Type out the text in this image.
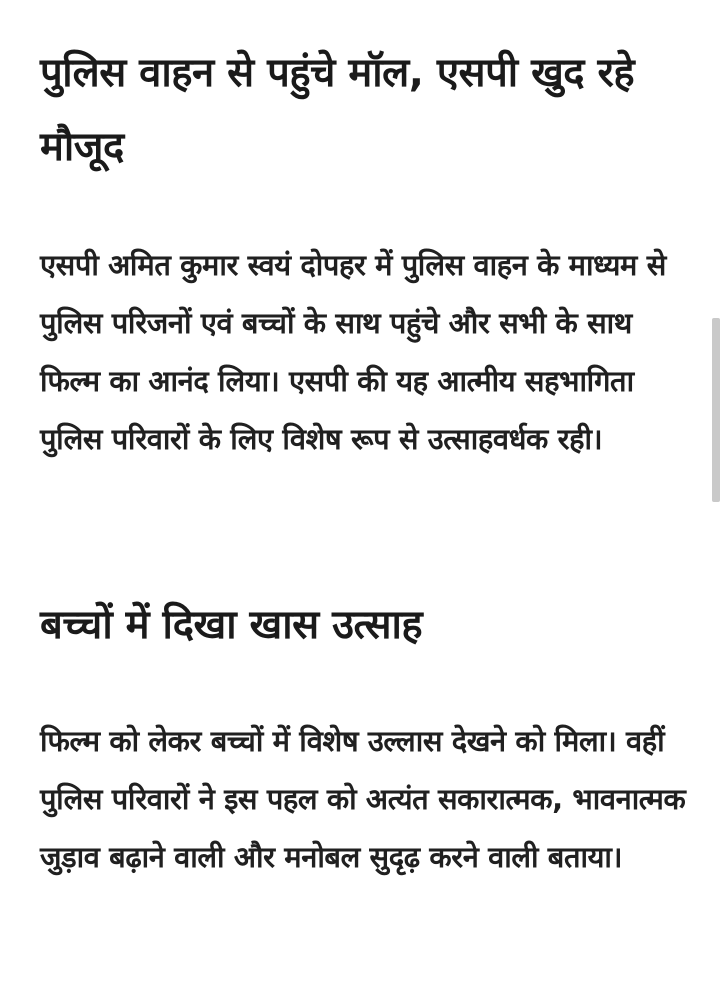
पुलिस वाहन से पहुंचे मॉल, एसपी खुद रहे मौजूद

एसपी अमित कुमार स्वयं दोपहर में पुलिस वाहन के माध्यम से पुलिस परिजनों एवं बच्चों के साथ पहुंचे और सभी के साथ फिल्म का आनंद लिया। एसपी की यह आत्मीय सहभागिता पुलिस परिवारों के लिए विशेष रूप से उत्साहवर्धक रही।

बच्चों में दिखा खास उत्साह

फिल्म को लेकर बच्चों में विशेष उल्लास देखने को मिला। वहीं पुलिस परिवारों ने इस पहल को अत्यंत सकारात्मक, भावनात्मक जुड़ाव बढ़ाने वाली और मनोबल सुदृढ़ करने वाली बताया।
